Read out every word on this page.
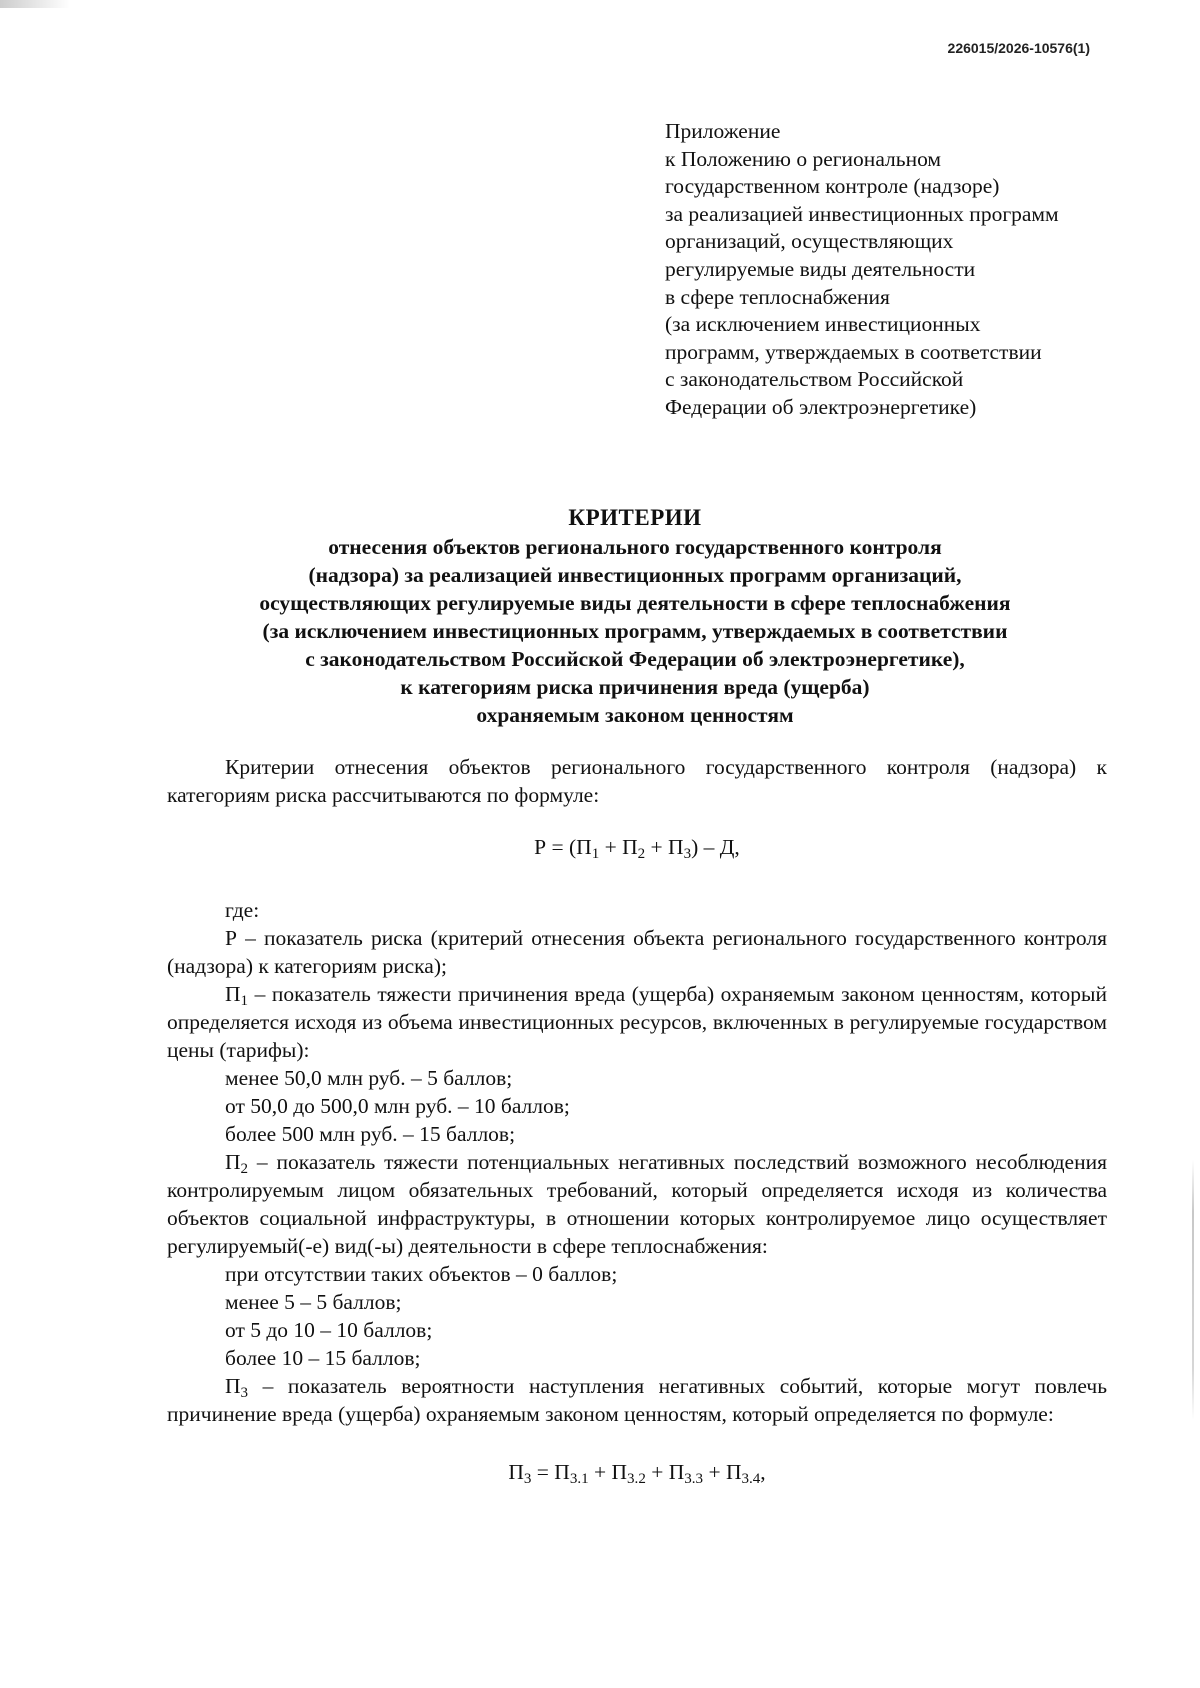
226015/2026-10576(1)
Приложение
к Положению о региональном
государственном контроле (надзоре)
за реализацией инвестиционных программ
организаций, осуществляющих
регулируемые виды деятельности
в сфере теплоснабжения
(за исключением инвестиционных
программ, утверждаемых в соответствии
с законодательством Российской
Федерации об электроэнергетике)
КРИТЕРИИ
отнесения объектов регионального государственного контроля
(надзора) за реализацией инвестиционных программ организаций,
осуществляющих регулируемые виды деятельности в сфере теплоснабжения
(за исключением инвестиционных программ, утверждаемых в соответствии
с законодательством Российской Федерации об электроэнергетике),
к категориям риска причинения вреда (ущерба)
охраняемым законом ценностям

Критерии отнесения объектов регионального государственного контроля (надзора) к категориям риска рассчитываются по формуле:

$Р = (П_1 + П_2 + П_3) - Д$,

где:

Р – показатель риска (критерий отнесения объекта регионального государственного контроля (надзора) к категориям риска);

$П_1$ – показатель тяжести причинения вреда (ущерба) охраняемым законом ценностям, который определяется исходя из объема инвестиционных ресурсов, включенных в регулируемые государством цены (тарифы):

менее 50,0 млн руб. – 5 баллов;
от 50,0 до 500,0 млн руб. – 10 баллов;
более 500 млн руб. – 15 баллов;

$П_2$ – показатель тяжести потенциальных негативных последствий возможного несоблюдения контролируемым лицом обязательных требований, который определяется исходя из количества объектов социальной инфраструктуры, в отношении которых контролируемое лицо осуществляет регулируемый(-е) вид(-ы) деятельности в сфере теплоснабжения:

при отсутствии таких объектов – 0 баллов;
менее 5 – 5 баллов;
от 5 до 10 – 10 баллов;
более 10 – 15 баллов;

$П_3$ – показатель вероятности наступления негативных событий, которые могут повлечь причинение вреда (ущерба) охраняемым законом ценностям, который определяется по формуле:

$П_3 = П_{3.1} + П_{3.2} + П_{3.3} + П_{3.4}$,
